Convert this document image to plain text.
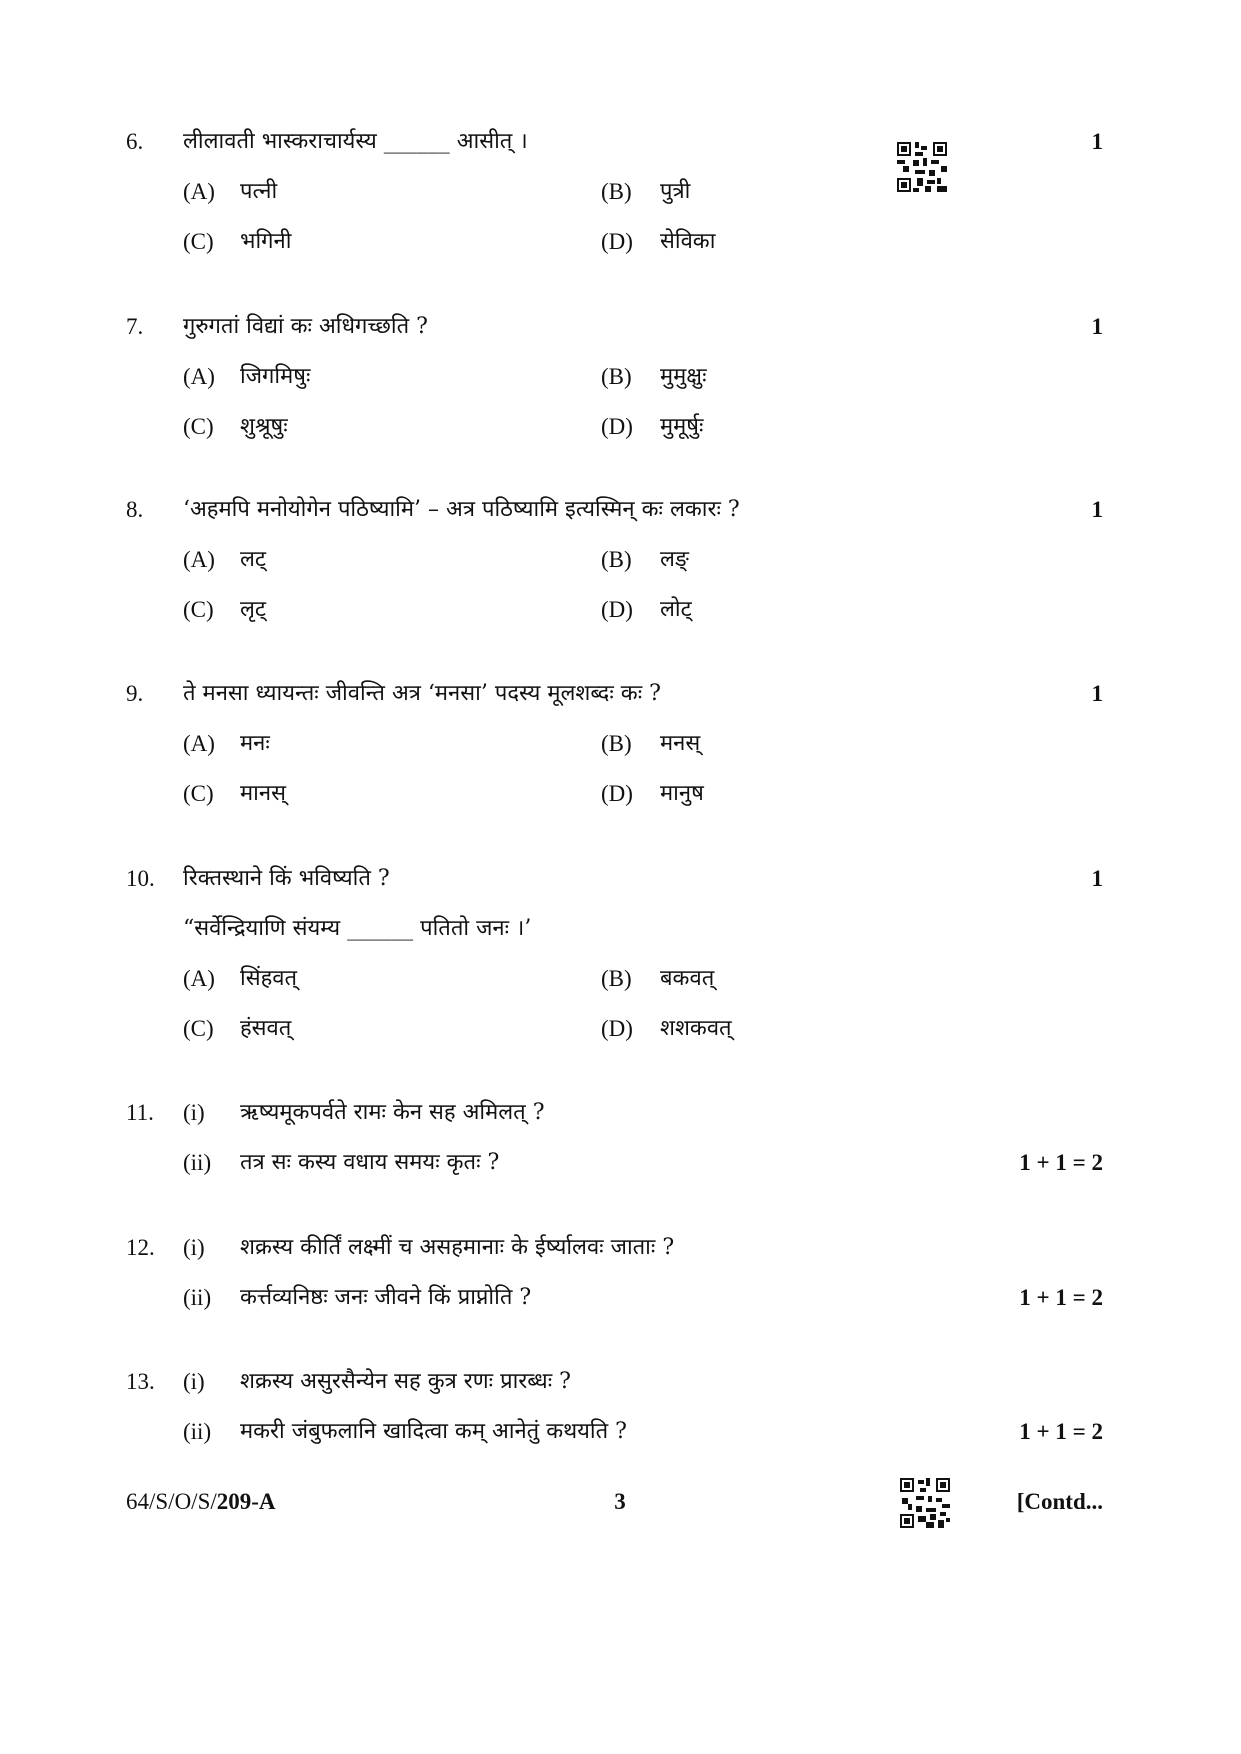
6. लीलावती भास्कराचार्यस्य ______ आसीत् ।	1
(A) पत्नी	(B) पुत्री
(C) भगिनी	(D) सेविका
7. गुरुगतां विद्यां कः अधिगच्छति ?	1
(A) जिगमिषुः	(B) मुमुक्षुः
(C) शुश्रूषुः	(D) मुमूर्षुः
8. ‘अहमपि मनोयोगेन पठिष्यामि’ – अत्र पठिष्यामि इत्यस्मिन् कः लकारः ?	1
(A) लट्	(B) लङ्
(C) लृट्	(D) लोट्
9. ते मनसा ध्यायन्तः जीवन्ति अत्र ‘मनसा’ पदस्य मूलशब्दः कः ?	1
(A) मनः	(B) मनस्
(C) मानस्	(D) मानुष
10. रिक्तस्थाने किं भविष्यति ?	1
“सर्वेन्द्रियाणि संयम्य ______ पतितो जनः ।’
(A) सिंहवत्	(B) बकवत्
(C) हंसवत्	(D) शशकवत्
11. (i) ऋष्यमूकपर्वते रामः केन सह अमिलत् ?
(ii) तत्र सः कस्य वधाय समयः कृतः ?	1 + 1 = 2
12. (i) शक्रस्य कीर्तिं लक्ष्मीं च असहमानाः के ईर्ष्यालवः जाताः ?
(ii) कर्त्तव्यनिष्ठः जनः जीवने किं प्राप्नोति ?	1 + 1 = 2
13. (i) शक्रस्य असुरसैन्येन सह कुत्र रणः प्रारब्धः ?
(ii) मकरी जंबुफलानि खादित्वा कम् आनेतुं कथयति ?	1 + 1 = 2
64/S/O/S/209-A	3	[Contd...
